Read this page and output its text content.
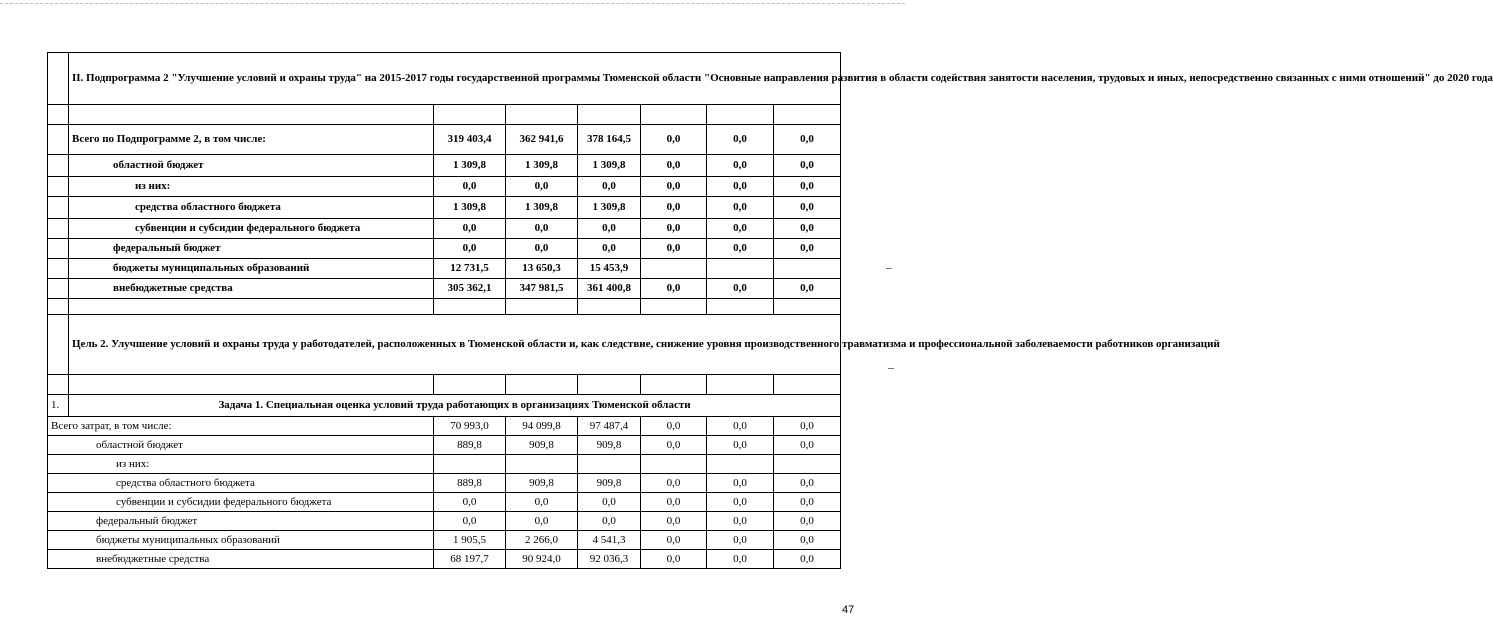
	II. Подпрограмма 2 "Улучшение условий и охраны труда" на 2015-2017 годы государственной программы Тюменской области "Основные направления развития в области содействия занятости населения, трудовых и иных, непосредственно связанных с ними отношений" до 2020 года						

	Всего по Подпрограмме 2, в том числе:	319 403,4	362 941,6	378 164,5	0,0	0,0	0,0
	областной бюджет	1 309,8	1 309,8	1 309,8	0,0	0,0	0,0
	из них:	0,0	0,0	0,0	0,0	0,0	0,0
	средства областного бюджета	1 309,8	1 309,8	1 309,8	0,0	0,0	0,0
	субвенции и субсидии федерального бюджета	0,0	0,0	0,0	0,0	0,0	0,0
	федеральный бюджет	0,0	0,0	0,0	0,0	0,0	0,0
	бюджеты муниципальных образований	12 731,5	13 650,3	15 453,9			
	внебюджетные средства	305 362,1	347 981,5	361 400,8	0,0	0,0	0,0

	Цель 2. Улучшение условий и охраны труда у работодателей, расположенных в Тюменской области и, как следствие, снижение уровня производственного травматизма и профессиональной заболеваемости работников организаций						

1.	Задача 1. Специальная оценка условий труда работающих в организациях Тюменской области						
Всего затрат, в том числе:		70 993,0	94 099,8	97 487,4	0,0	0,0	0,0
областной бюджет		889,8	909,8	909,8	0,0	0,0	0,0
из них:							
средства областного бюджета		889,8	909,8	909,8	0,0	0,0	0,0
субвенции и субсидии федерального бюджета		0,0	0,0	0,0	0,0	0,0	0,0
федеральный бюджет		0,0	0,0	0,0	0,0	0,0	0,0
бюджеты муниципальных образований		1 905,5	2 266,0	4 541,3	0,0	0,0	0,0
внебюджетные средства		68 197,7	90 924,0	92 036,3	0,0	0,0	0,0
47
